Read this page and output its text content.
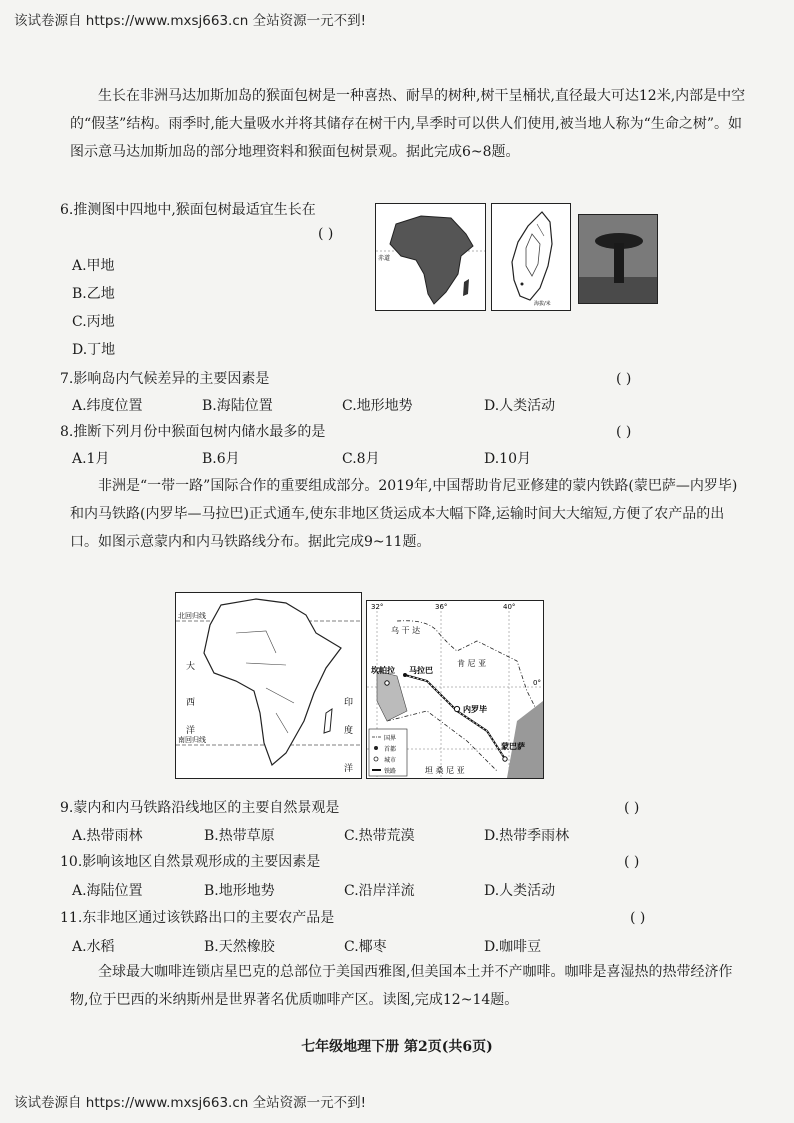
该试卷源自 https://www.mxsj663.cn 全站资源一元不到!
生长在非洲马达加斯加岛的猴面包树是一种喜热、耐旱的树种,树干呈桶状,直径最大可达12米,内部是中空的“假茎”结构。雨季时,能大量吸水并将其储存在树干内,旱季时可以供人们使用,被当地人称为“生命之树”。如图示意马达加斯加岛的部分地理资料和猴面包树景观。据此完成6~8题。
6.推测图中四地中,猴面包树最适宜生长在
( )
A.甲地
B.乙地
C.丙地
D.丁地
赤道
海拔/米
7.影响岛内气候差异的主要因素是	( )
A.纬度位置	B.海陆位置	C.地形地势	D.人类活动
8.推断下列月份中猴面包树内储水最多的是	( )
A.1月	B.6月	C.8月	D.10月
非洲是“一带一路”国际合作的重要组成部分。2019年,中国帮助肯尼亚修建的蒙内铁路(蒙巴萨—内罗毕)和内马铁路(内罗毕—马拉巴)正式通车,使东非地区货运成本大幅下降,运输时间大大缩短,方便了农产品的出口。如图示意蒙内和内马铁路线分布。据此完成9~11题。
北回归线
南回归线
大
西
洋
印
度
洋
32°	36°	40°
0°
肯 尼 亚
乌 干 达
坦 桑 尼 亚
坎帕拉 马拉巴
内罗毕
蒙巴萨
国界
首都
城市
铁路
9.蒙内和内马铁路沿线地区的主要自然景观是	( )
A.热带雨林	B.热带草原	C.热带荒漠	D.热带季雨林
10.影响该地区自然景观形成的主要因素是	( )
A.海陆位置	B.地形地势	C.沿岸洋流	D.人类活动
11.东非地区通过该铁路出口的主要农产品是	( )
A.水稻	B.天然橡胶	C.椰枣	D.咖啡豆
全球最大咖啡连锁店星巴克的总部位于美国西雅图,但美国本土并不产咖啡。咖啡是喜湿热的热带经济作物,位于巴西的米纳斯州是世界著名优质咖啡产区。读图,完成12~14题。
七年级地理下册 第2页(共6页)
该试卷源自 https://www.mxsj663.cn 全站资源一元不到!
